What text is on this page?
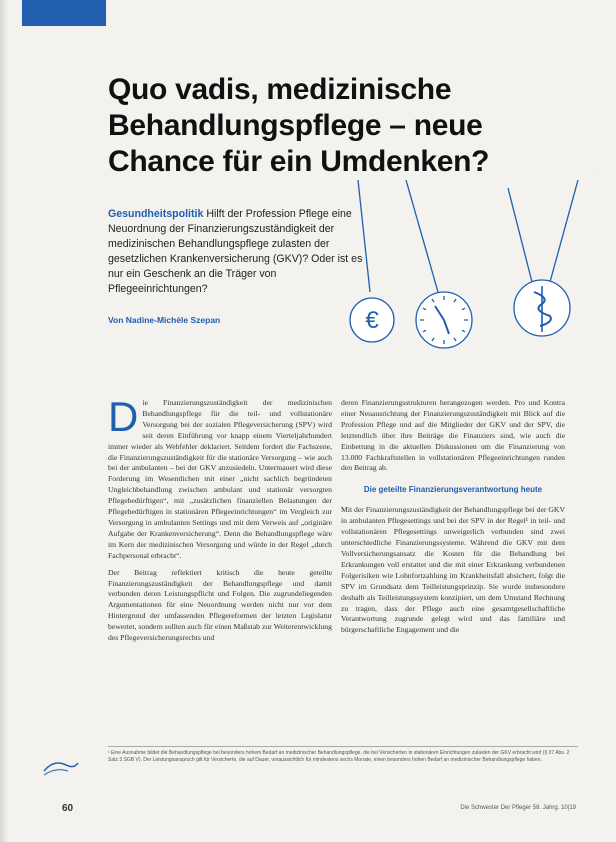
Quo vadis, medizinische Behandlungspflege – neue Chance für ein Umdenken?

Gesundheitspolitik Hilft der Profession Pflege eine Neuordnung der Finanzierungszuständigkeit der medizinischen Behandlungspflege zulasten der gesetzlichen Krankenversicherung (GKV)? Oder ist es nur ein Geschenk an die Träger von Pflegeeinrichtungen?

Von Nadine-Michèle Szepan	€
·

Die Finanzierungszuständigkeit der medizinischen Behandlungspflege für die teil- und vollstationäre Versorgung bei der sozialen Pflegeversicherung (SPV) wird seit deren Einführung vor knapp einem Vierteljahrhundert immer wieder als Webfehler deklariert. Seitdem fordert die Fachszene, die Finanzierungszuständigkeit für die stationäre Versorgung – wie auch bei der ambulanten – bei der GKV anzusiedeln. Untermauert wird diese Forderung im Wesentlichen mit einer „nicht sachlich begründeten Ungleichbehandlung zwischen ambulant und stationär versorgten Pflegebedürftigen“, mit „zusätzlichen finanziellen Belastungen der Pflegebedürftigen in stationären Pflegeeinrichtungen“ im Vergleich zur Versorgung in ambulanten Settings und mit dem Verweis auf „originäre Aufgabe der Krankenversicherung“. Denn die Behandlungspflege wäre im Kern der medizinischen Versorgung und würde in der Regel „durch Fachpersonal erbracht“.

Der Beitrag reflektiert kritisch die heute geteilte Finanzierungszuständigkeit der Behandlungspflege und damit verbunden deren Leistungspflicht und Folgen. Die zugrundeliegenden Argumentationen für eine Neuordnung werden nicht nur vor dem Hintergrund der umfassenden Pflegereformen der letzten Legislatur bewertet, sondern sollten auch für einen Maßstab zur Weiterentwicklung des Pflegeversicherungsrechts und

deren Finanzierungsstrukturen herangezogen werden. Pro und Kontra einer Neuausrichtung der Finanzierungszuständigkeit mit Blick auf die Profession Pflege und auf die Mitglieder der GKV und der SPV, die letztendlich über ihre Beiträge die Finanziers sind, wie auch die Einbettung in die aktuellen Diskussionen um die Finanzierung von 13.000 Fachkraftstellen in vollstationären Pflegeeinrichtungen runden den Beitrag ab.

Die geteilte Finanzierungsverantwortung heute

Mit der Finanzierungszuständigkeit der Behandlungspflege bei der GKV in ambulanten Pflegesettings und bei der SPV in der Regel¹ in teil- und vollstationären Pflegesettings unweigerlich verbunden sind zwei unterschiedliche Finanzierungssysteme. Während die GKV mit dem Vollversicherungsansatz die Kosten für die Behandlung bei Erkrankungen voll erstattet und die mit einer Erkrankung verbundenen Folgerisiken wie Lohnfortzahlung im Krankheitsfall absichert, folgt die SPV im Grundsatz dem Teilleistungsprinzip. Sie wurde insbesondere deshalb als Teilleistungssystem konzipiert, um dem Umstand Rechnung zu tragen, dass der Pflege auch eine gesamtgesellschaftliche Verantwortung zugrunde gelegt wird und das familiäre und bürgerschaftliche Engagement und die

¹ Eine Ausnahme bildet die Behandlungspflege bei besonders hohem Bedarf an medizinischer Behandlungspflege, die bei Versicherten in stationären Einrichtungen zulasten der GKV erbracht wird (§ 37 Abs. 2 Satz 3 SGB V). Der Leistungsanspruch gilt für Versicherte, die auf Dauer, voraussichtlich für mindestens sechs Monate, einen besonders hohen Bedarf an medizinischer Behandlungspflege haben.
60	Die Schwester Der Pfleger 58. Jahrg. 10|19
